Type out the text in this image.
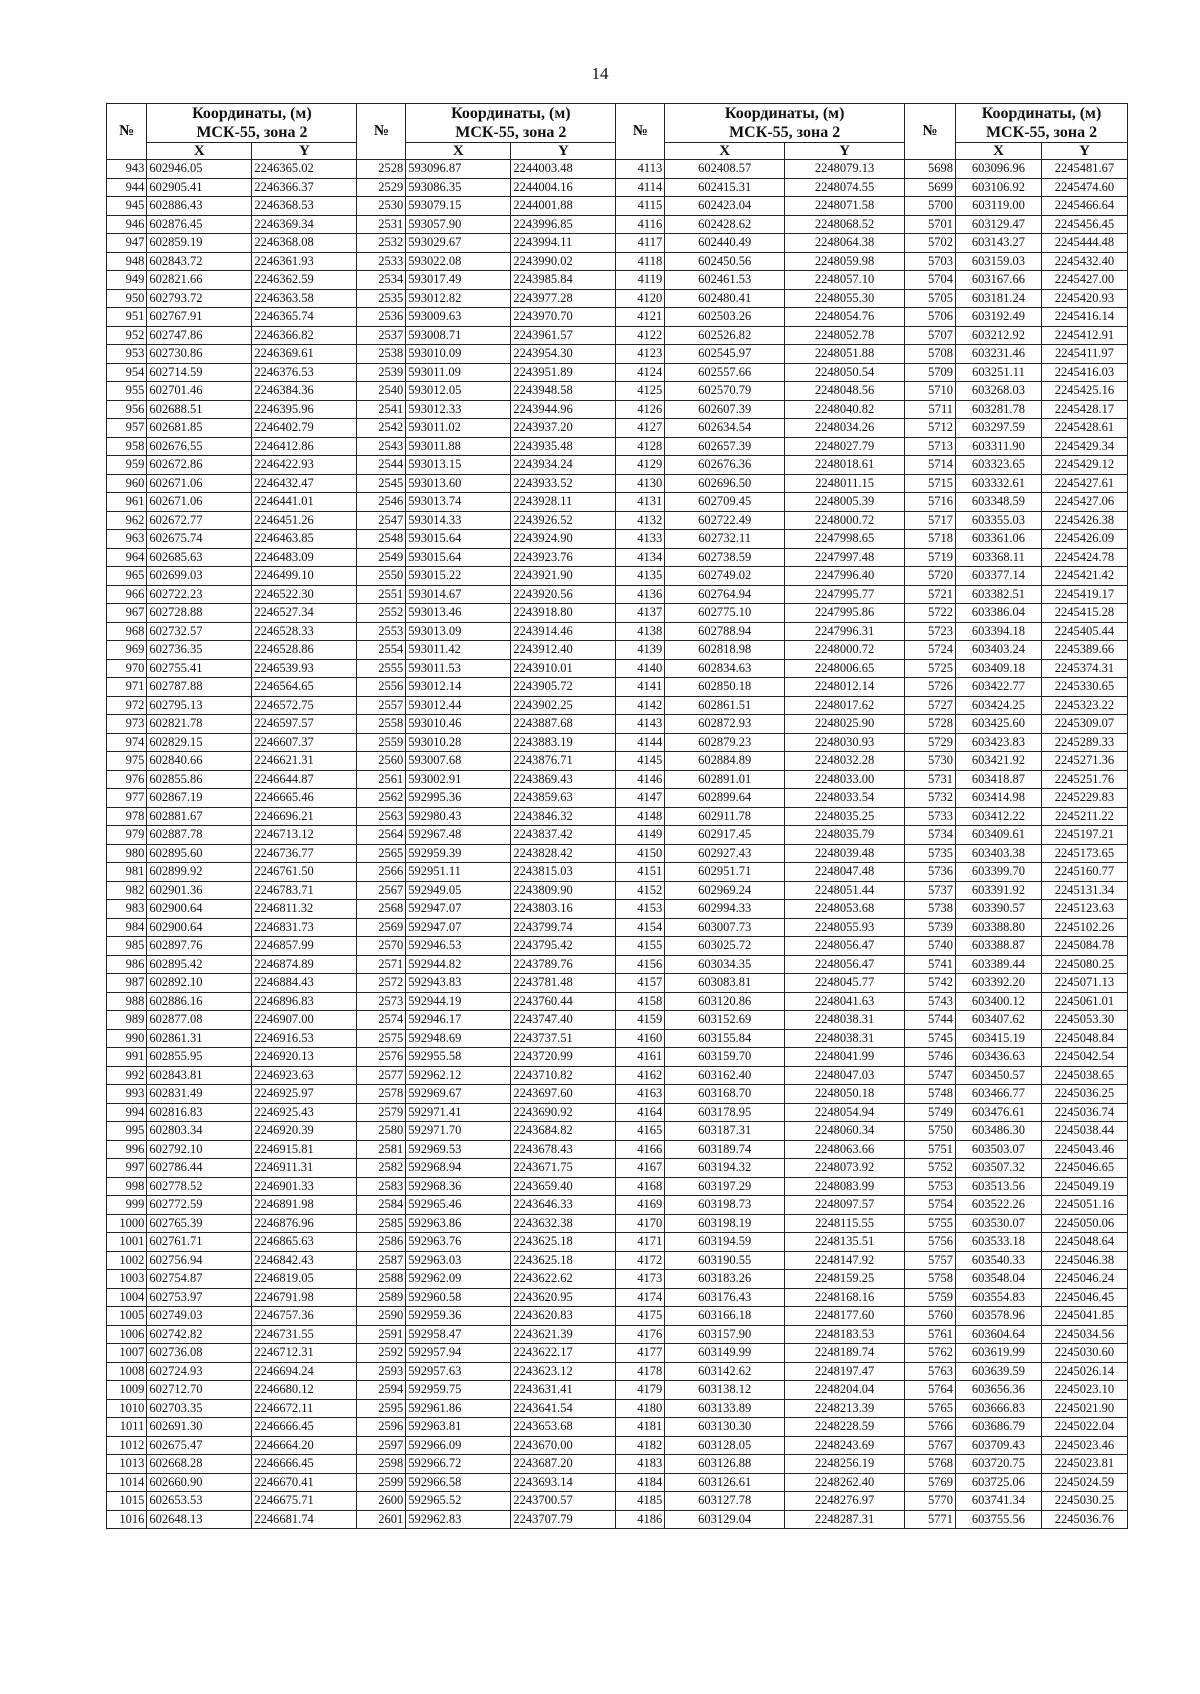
14
№	Координаты, (м)
МСК-55, зона 2		№	Координаты, (м)
МСК-55, зона 2		№	Координаты, (м)
МСК-55, зона 2		№	Координаты, (м)
МСК-55, зона 2	
	X	Y		X	Y		X	Y		X	Y
943	602946.05	2246365.02	2528	593096.87	2244003.48	4113	602408.57	2248079.13	5698	603096.96	2245481.67
944	602905.41	2246366.37	2529	593086.35	2244004.16	4114	602415.31	2248074.55	5699	603106.92	2245474.60
945	602886.43	2246368.53	2530	593079.15	2244001.88	4115	602423.04	2248071.58	5700	603119.00	2245466.64
946	602876.45	2246369.34	2531	593057.90	2243996.85	4116	602428.62	2248068.52	5701	603129.47	2245456.45
947	602859.19	2246368.08	2532	593029.67	2243994.11	4117	602440.49	2248064.38	5702	603143.27	2245444.48
948	602843.72	2246361.93	2533	593022.08	2243990.02	4118	602450.56	2248059.98	5703	603159.03	2245432.40
949	602821.66	2246362.59	2534	593017.49	2243985.84	4119	602461.53	2248057.10	5704	603167.66	2245427.00
950	602793.72	2246363.58	2535	593012.82	2243977.28	4120	602480.41	2248055.30	5705	603181.24	2245420.93
951	602767.91	2246365.74	2536	593009.63	2243970.70	4121	602503.26	2248054.76	5706	603192.49	2245416.14
952	602747.86	2246366.82	2537	593008.71	2243961.57	4122	602526.82	2248052.78	5707	603212.92	2245412.91
953	602730.86	2246369.61	2538	593010.09	2243954.30	4123	602545.97	2248051.88	5708	603231.46	2245411.97
954	602714.59	2246376.53	2539	593011.09	2243951.89	4124	602557.66	2248050.54	5709	603251.11	2245416.03
955	602701.46	2246384.36	2540	593012.05	2243948.58	4125	602570.79	2248048.56	5710	603268.03	2245425.16
956	602688.51	2246395.96	2541	593012.33	2243944.96	4126	602607.39	2248040.82	5711	603281.78	2245428.17
957	602681.85	2246402.79	2542	593011.02	2243937.20	4127	602634.54	2248034.26	5712	603297.59	2245428.61
958	602676.55	2246412.86	2543	593011.88	2243935.48	4128	602657.39	2248027.79	5713	603311.90	2245429.34
959	602672.86	2246422.93	2544	593013.15	2243934.24	4129	602676.36	2248018.61	5714	603323.65	2245429.12
960	602671.06	2246432.47	2545	593013.60	2243933.52	4130	602696.50	2248011.15	5715	603332.61	2245427.61
961	602671.06	2246441.01	2546	593013.74	2243928.11	4131	602709.45	2248005.39	5716	603348.59	2245427.06
962	602672.77	2246451.26	2547	593014.33	2243926.52	4132	602722.49	2248000.72	5717	603355.03	2245426.38
963	602675.74	2246463.85	2548	593015.64	2243924.90	4133	602732.11	2247998.65	5718	603361.06	2245426.09
964	602685.63	2246483.09	2549	593015.64	2243923.76	4134	602738.59	2247997.48	5719	603368.11	2245424.78
965	602699.03	2246499.10	2550	593015.22	2243921.90	4135	602749.02	2247996.40	5720	603377.14	2245421.42
966	602722.23	2246522.30	2551	593014.67	2243920.56	4136	602764.94	2247995.77	5721	603382.51	2245419.17
967	602728.88	2246527.34	2552	593013.46	2243918.80	4137	602775.10	2247995.86	5722	603386.04	2245415.28
968	602732.57	2246528.33	2553	593013.09	2243914.46	4138	602788.94	2247996.31	5723	603394.18	2245405.44
969	602736.35	2246528.86	2554	593011.42	2243912.40	4139	602818.98	2248000.72	5724	603403.24	2245389.66
970	602755.41	2246539.93	2555	593011.53	2243910.01	4140	602834.63	2248006.65	5725	603409.18	2245374.31
971	602787.88	2246564.65	2556	593012.14	2243905.72	4141	602850.18	2248012.14	5726	603422.77	2245330.65
972	602795.13	2246572.75	2557	593012.44	2243902.25	4142	602861.51	2248017.62	5727	603424.25	2245323.22
973	602821.78	2246597.57	2558	593010.46	2243887.68	4143	602872.93	2248025.90	5728	603425.60	2245309.07
974	602829.15	2246607.37	2559	593010.28	2243883.19	4144	602879.23	2248030.93	5729	603423.83	2245289.33
975	602840.66	2246621.31	2560	593007.68	2243876.71	4145	602884.89	2248032.28	5730	603421.92	2245271.36
976	602855.86	2246644.87	2561	593002.91	2243869.43	4146	602891.01	2248033.00	5731	603418.87	2245251.76
977	602867.19	2246665.46	2562	592995.36	2243859.63	4147	602899.64	2248033.54	5732	603414.98	2245229.83
978	602881.67	2246696.21	2563	592980.43	2243846.32	4148	602911.78	2248035.25	5733	603412.22	2245211.22
979	602887.78	2246713.12	2564	592967.48	2243837.42	4149	602917.45	2248035.79	5734	603409.61	2245197.21
980	602895.60	2246736.77	2565	592959.39	2243828.42	4150	602927.43	2248039.48	5735	603403.38	2245173.65
981	602899.92	2246761.50	2566	592951.11	2243815.03	4151	602951.71	2248047.48	5736	603399.70	2245160.77
982	602901.36	2246783.71	2567	592949.05	2243809.90	4152	602969.24	2248051.44	5737	603391.92	2245131.34
983	602900.64	2246811.32	2568	592947.07	2243803.16	4153	602994.33	2248053.68	5738	603390.57	2245123.63
984	602900.64	2246831.73	2569	592947.07	2243799.74	4154	603007.73	2248055.93	5739	603388.80	2245102.26
985	602897.76	2246857.99	2570	592946.53	2243795.42	4155	603025.72	2248056.47	5740	603388.87	2245084.78
986	602895.42	2246874.89	2571	592944.82	2243789.76	4156	603034.35	2248056.47	5741	603389.44	2245080.25
987	602892.10	2246884.43	2572	592943.83	2243781.48	4157	603083.81	2248045.77	5742	603392.20	2245071.13
988	602886.16	2246896.83	2573	592944.19	2243760.44	4158	603120.86	2248041.63	5743	603400.12	2245061.01
989	602877.08	2246907.00	2574	592946.17	2243747.40	4159	603152.69	2248038.31	5744	603407.62	2245053.30
990	602861.31	2246916.53	2575	592948.69	2243737.51	4160	603155.84	2248038.31	5745	603415.19	2245048.84
991	602855.95	2246920.13	2576	592955.58	2243720.99	4161	603159.70	2248041.99	5746	603436.63	2245042.54
992	602843.81	2246923.63	2577	592962.12	2243710.82	4162	603162.40	2248047.03	5747	603450.57	2245038.65
993	602831.49	2246925.97	2578	592969.67	2243697.60	4163	603168.70	2248050.18	5748	603466.77	2245036.25
994	602816.83	2246925.43	2579	592971.41	2243690.92	4164	603178.95	2248054.94	5749	603476.61	2245036.74
995	602803.34	2246920.39	2580	592971.70	2243684.82	4165	603187.31	2248060.34	5750	603486.30	2245038.44
996	602792.10	2246915.81	2581	592969.53	2243678.43	4166	603189.74	2248063.66	5751	603503.07	2245043.46
997	602786.44	2246911.31	2582	592968.94	2243671.75	4167	603194.32	2248073.92	5752	603507.32	2245046.65
998	602778.52	2246901.33	2583	592968.36	2243659.40	4168	603197.29	2248083.99	5753	603513.56	2245049.19
999	602772.59	2246891.98	2584	592965.46	2243646.33	4169	603198.73	2248097.57	5754	603522.26	2245051.16
1000	602765.39	2246876.96	2585	592963.86	2243632.38	4170	603198.19	2248115.55	5755	603530.07	2245050.06
1001	602761.71	2246865.63	2586	592963.76	2243625.18	4171	603194.59	2248135.51	5756	603533.18	2245048.64
1002	602756.94	2246842.43	2587	592963.03	2243625.18	4172	603190.55	2248147.92	5757	603540.33	2245046.38
1003	602754.87	2246819.05	2588	592962.09	2243622.62	4173	603183.26	2248159.25	5758	603548.04	2245046.24
1004	602753.97	2246791.98	2589	592960.58	2243620.95	4174	603176.43	2248168.16	5759	603554.83	2245046.45
1005	602749.03	2246757.36	2590	592959.36	2243620.83	4175	603166.18	2248177.60	5760	603578.96	2245041.85
1006	602742.82	2246731.55	2591	592958.47	2243621.39	4176	603157.90	2248183.53	5761	603604.64	2245034.56
1007	602736.08	2246712.31	2592	592957.94	2243622.17	4177	603149.99	2248189.74	5762	603619.99	2245030.60
1008	602724.93	2246694.24	2593	592957.63	2243623.12	4178	603142.62	2248197.47	5763	603639.59	2245026.14
1009	602712.70	2246680.12	2594	592959.75	2243631.41	4179	603138.12	2248204.04	5764	603656.36	2245023.10
1010	602703.35	2246672.11	2595	592961.86	2243641.54	4180	603133.89	2248213.39	5765	603666.83	2245021.90
1011	602691.30	2246666.45	2596	592963.81	2243653.68	4181	603130.30	2248228.59	5766	603686.79	2245022.04
1012	602675.47	2246664.20	2597	592966.09	2243670.00	4182	603128.05	2248243.69	5767	603709.43	2245023.46
1013	602668.28	2246666.45	2598	592966.72	2243687.20	4183	603126.88	2248256.19	5768	603720.75	2245023.81
1014	602660.90	2246670.41	2599	592966.58	2243693.14	4184	603126.61	2248262.40	5769	603725.06	2245024.59
1015	602653.53	2246675.71	2600	592965.52	2243700.57	4185	603127.78	2248276.97	5770	603741.34	2245030.25
1016	602648.13	2246681.74	2601	592962.83	2243707.79	4186	603129.04	2248287.31	5771	603755.56	2245036.76
